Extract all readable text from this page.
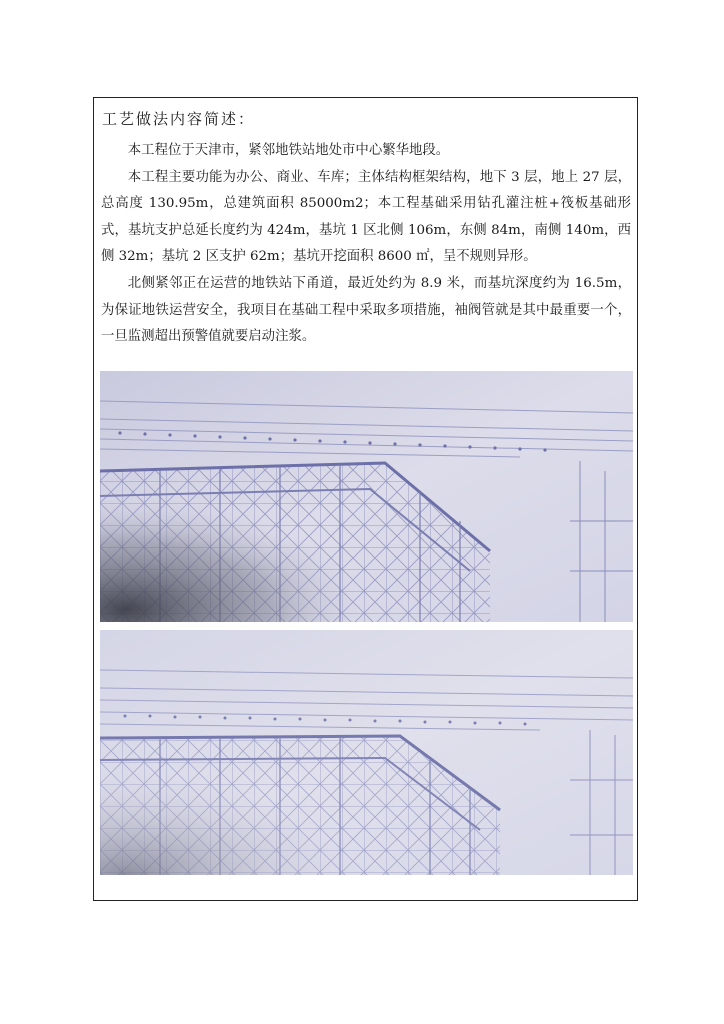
工艺做法内容简述：

本工程位于天津市，紧邻地铁站地处市中心繁华地段。

本工程主要功能为办公、商业、车库；主体结构框架结构，地下 3 层，地上 27 层，总高度 130.95m，总建筑面积 85000m2；本工程基础采用钻孔灌注桩+筏板基础形式，基坑支护总延长度约为 424m，基坑 1 区北侧 106m，东侧 84m，南侧 140m，西侧 32m；基坑 2 区支护 62m；基坑开挖面积 8600 ㎡，呈不规则异形。

北侧紧邻正在运营的地铁站下甬道，最近处约为 8.9 米，而基坑深度约为 16.5m，为保证地铁运营安全，我项目在基础工程中采取多项措施，袖阀管就是其中最重要一个，一旦监测超出预警值就要启动注浆。
